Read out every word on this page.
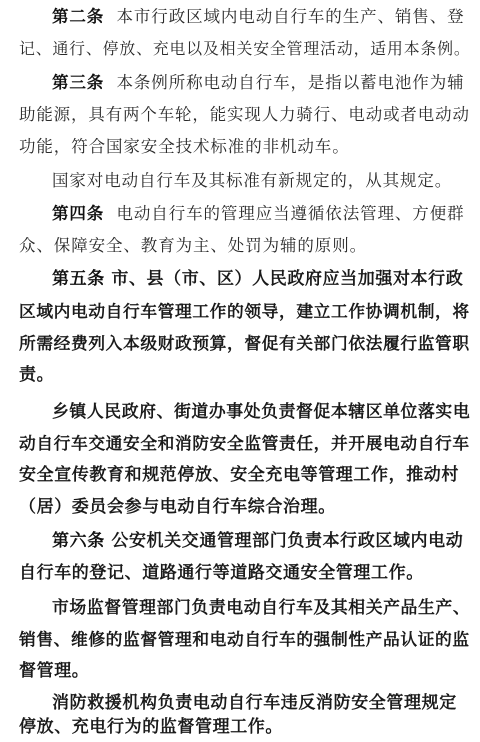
第二条 本市行政区域内电动自行车的生产、销售、登
记、通行、停放、充电以及相关安全管理活动，适用本条例。
第三条 本条例所称电动自行车，是指以蓄电池作为辅
助能源，具有两个车轮，能实现人力骑行、电动或者电动动
功能，符合国家安全技术标准的非机动车。
国家对电动自行车及其标准有新规定的，从其规定。
第四条 电动自行车的管理应当遵循依法管理、方便群
众、保障安全、教育为主、处罚为辅的原则。
第五条 市、县（市、区）人民政府应当加强对本行政
区域内电动自行车管理工作的领导，建立工作协调机制，将
所需经费列入本级财政预算，督促有关部门依法履行监管职
责。
乡镇人民政府、街道办事处负责督促本辖区单位落实电
动自行车交通安全和消防安全监管责任，并开展电动自行车
安全宣传教育和规范停放、安全充电等管理工作，推动村
（居）委员会参与电动自行车综合治理。
第六条 公安机关交通管理部门负责本行政区域内电动
自行车的登记、道路通行等道路交通安全管理工作。
市场监督管理部门负责电动自行车及其相关产品生产、
销售、维修的监督管理和电动自行车的强制性产品认证的监
督管理。
消防救援机构负责电动自行车违反消防安全管理规定
停放、充电行为的监督管理工作。
